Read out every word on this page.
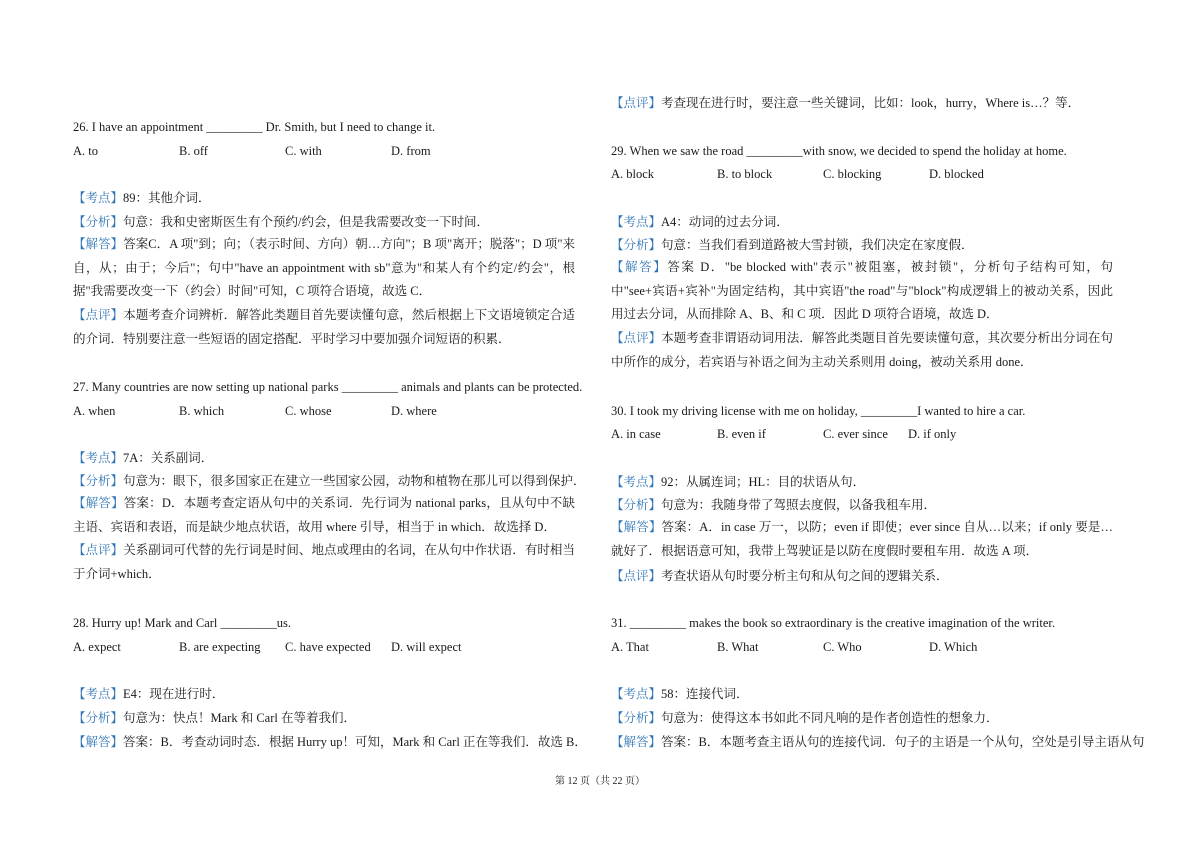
26. I have an appointment _________ Dr. Smith, but I need to change it.
A. to	B. off	C. with	D. from
【考点】89：其他介词．
【分析】句意：我和史密斯医生有个预约/约会，但是我需要改变一下时间．
【解答】答案C．A 项"到；向；（表示时间、方向）朝…方向"；B 项"离开；脱落"；D 项"来自，从；由于；今后"；句中"have an appointment with sb"意为"和某人有个约定/约会"，根据"我需要改变一下（约会）时间"可知，C 项符合语境，故选 C．
【点评】本题考查介词辨析．解答此类题目首先要读懂句意，然后根据上下文语境锁定合适的介词．特别要注意一些短语的固定搭配．平时学习中要加强介词短语的积累．
27. Many countries are now setting up national parks _________ animals and plants can be protected.
A. when	B. which	C. whose	D. where
【考点】7A：关系副词．
【分析】句意为：眼下，很多国家正在建立一些国家公园，动物和植物在那儿可以得到保护．
【解答】答案：D．本题考查定语从句中的关系词．先行词为 national parks，且从句中不缺主语、宾语和表语，而是缺少地点状语，故用 where 引导，相当于 in which．故选择 D．
【点评】关系副词可代替的先行词是时间、地点或理由的名词，在从句中作状语．有时相当于介词+which．
28. Hurry up! Mark and Carl _________us.
A. expect	B. are expecting C. have expected D. will expect
【考点】E4：现在进行时．
【分析】句意为：快点！Mark 和 Carl 在等着我们．
【解答】答案：B．考查动词时态．根据 Hurry up！可知，Mark 和 Carl 正在等我们．故选 B．
【点评】考查现在进行时，要注意一些关键词，比如：look，hurry，Where is…？等．
29. When we saw the road _________with snow, we decided to spend the holiday at home.
A. block	B. to block	C. blocking	D. blocked
【考点】A4：动词的过去分词．
【分析】句意：当我们看到道路被大雪封锁，我们决定在家度假．
【解答】答案 D．"be blocked with"表示"被阻塞，被封锁"，分析句子结构可知，句中"see+宾语+宾补"为固定结构，其中宾语"the road"与"block"构成逻辑上的被动关系，因此用过去分词，从而排除 A、B、和 C 项．因此 D 项符合语境，故选 D．
【点评】本题考查非谓语动词用法．解答此类题目首先要读懂句意，其次要分析出分词在句中所作的成分，若宾语与补语之间为主动关系则用 doing，被动关系用 done．
30. I took my driving license with me on holiday, _________I wanted to hire a car.
A. in case	B. even if	C. ever since D. if only
【考点】92：从属连词；HL：目的状语从句．
【分析】句意为：我随身带了驾照去度假，以备我租车用．
【解答】答案：A．in case 万一，以防；even if 即使；ever since 自从…以来；if only 要是…就好了．根据语意可知，我带上驾驶证是以防在度假时要租车用．故选 A 项．
【点评】考查状语从句时要分析主句和从句之间的逻辑关系．
31. _________ makes the book so extraordinary is the creative imagination of the writer.
A. That	B. What	C. Who	D. Which
【考点】58：连接代词．
【分析】句意为：使得这本书如此不同凡响的是作者创造性的想象力．
【解答】答案：B．本题考查主语从句的连接代词．句子的主语是一个从句，空处是引导主语从句
第 12 页（共 22 页）
